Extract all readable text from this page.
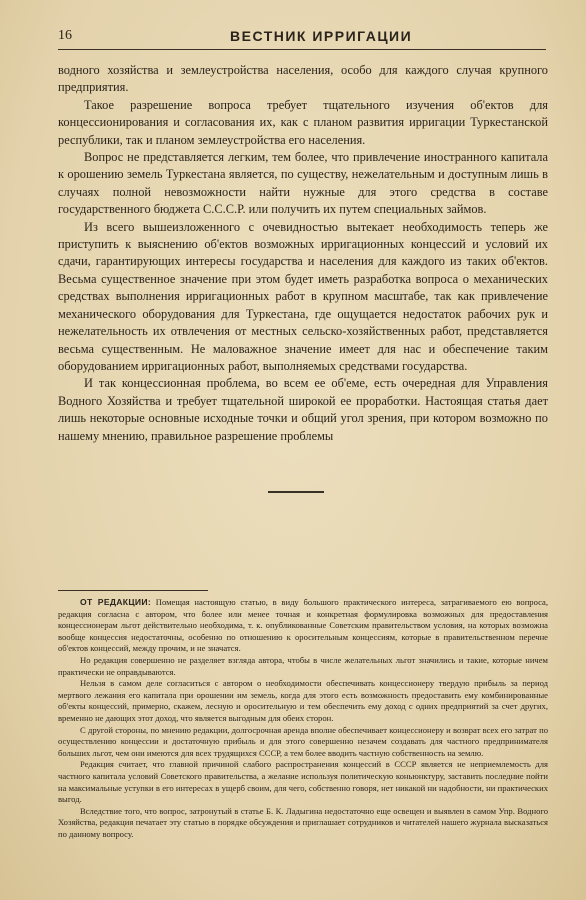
16	ВЕСТНИК ИРРИГАЦИИ

водного хозяйства и землеустройства населения, особо для каждого случая крупного предприятия.

Такое разрешение вопроса требует тщательного изучения об'ектов для концессионирования и согласования их, как с планом развития ирригации Туркестанской республики, так и планом землеустройства его населения.

Вопрос не представляется легким, тем более, что привлечение иностранного капитала к орошению земель Туркестана является, по существу, нежелательным и доступным лишь в случаях полной невозможности найти нужные для этого средства в составе государственного бюджета С.С.С.Р. или получить их путем специальных займов.

Из всего вышеизложенного с очевидностью вытекает необходимость теперь же приступить к выяснению об'ектов возможных ирригационных концессий и условий их сдачи, гарантирующих интересы государства и населения для каждого из таких об'ектов. Весьма существенное значение при этом будет иметь разработка вопроса о механических средствах выполнения ирригационных работ в крупном масштабе, так как привлечение механического оборудования для Туркестана, где ощущается недостаток рабочих рук и нежелательность их отвлечения от местных сельско-хозяйственных работ, представляется весьма существенным. Не маловажное значение имеет для нас и обеспечение таким оборудованием ирригационных работ, выполняемых средствами государства.

И так концессионная проблема, во всем ее об'еме, есть очередная для Управления Водного Хозяйства и требует тщательной широкой ее проработки. Настоящая статья дает лишь некоторые основные исходные точки и общий угол зрения, при котором возможно по нашему мнению, правильное разрешение проблемы

ОТ РЕДАКЦИИ: Помещая настоящую статью, в виду большого практического интереса, затрагиваемого ею вопроса, редакция согласна с автором, что более или менее точная и конкретная формулировка возможных для предоставления концессионерам льгот действительно необходима, т. к. опубликованные Советским правительством условия, на которых возможна вообще концессия недостаточны, особенно по отношению к оросительным концессиям, которые в правительственном перечне об'ектов концессий, между прочим, и не значатся.

Но редакция совершенно не разделяет взгляда автора, чтобы в числе желательных льгот значились и такие, которые ничем практически не оправдываются.

Нельзя в самом деле согласиться с автором о необходимости обеспечивать концессионеру твердую прибыль за период мертвого лежания его капитала при орошении им земель, когда для этого есть возможность предоставить ему комбинированные об'екты концессий, примерно, скажем, лесную и оросительную и тем обеспечить ему доход с одних предприятий за счет других, временно не дающих этот доход, что является выгодным для обеих сторон.

С другой стороны, по мнению редакции, долгосрочная аренда вполне обеспечивает концессионеру и возврат всех его затрат по осуществлению концессии и достаточную прибыль и для этого совершенно незачем создавать для частного предпринимателя больших льгот, чем они имеются для всех трудящихся СССР, а тем более вводить частную собственность на землю.

Редакция считает, что главной причиной слабого распространения концессий в СССР является не неприемлемость для частного капитала условий Советского правительства, а желание используя политическую коньюнктуру, заставить последние пойти на максимальные уступки в его интересах в ущерб своим, для чего, собственно говоря, нет никакой ни надобности, ни практических выгод.

Вследствие того, что вопрос, затронутый в статье Б. К. Ладыгина недостаточно еще освещен и выявлен в самом Упр. Водного Хозяйства, редакция печатает эту статью в порядке обсуждения и приглашает сотрудников и читателей нашего журнала высказаться по данному вопросу.
